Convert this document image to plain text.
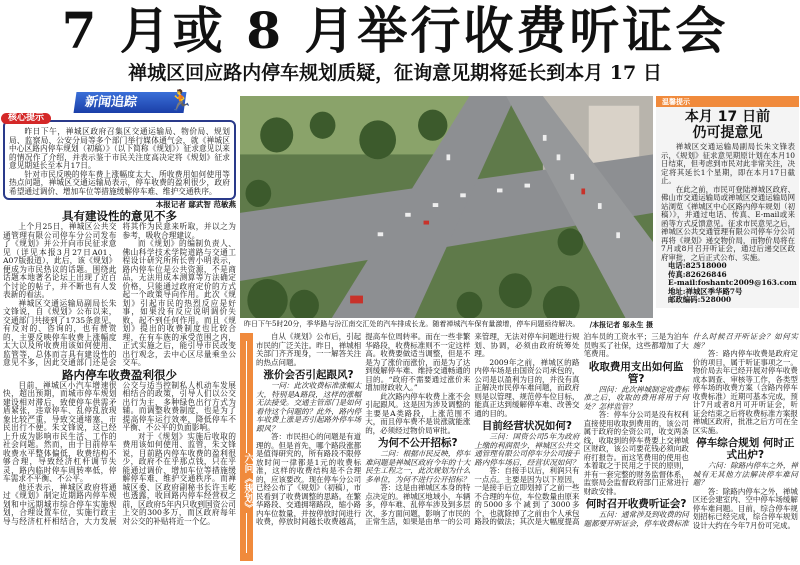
7 月或 8 月举行收费听证会
禅城区回应路内停车规划质疑，征询意见期将延长到本月 17 日
新闻追踪	🏃

昨日下午，禅城区政府召集区交通运输局、物价局、规划局、监察局、公安分局等多个部门举行媒体通气会，就《禅城区中心区路内停车规划（初稿）》（以下简称《规划》）征求意见以来的情况作了介绍，并表示鉴于市民关注度高决定将《规划》征求意见期延长至本月17日。

针对市民反映的停车费上涨幅度太大、所收费用如何使用等热点问题，禅城区交通运输局表示，停车收费的盈利很少，政府希望通过调价、增加车位等措施缓解停车难、维护交通秩序。

核心提示
本报记者 鄢武智 范敏燕
具有建设性的意见不多

上个月25日，禅城区公共交通管理有限公司停车分公司发布了《规划》并公开向市民征求意见（详见本报3月27日A01、A07版报道），此后，该《规划》便成为市民热议的话题。围绕此话题本地著名论坛上出现了近百个讨论的帖子，并不断也有人发表新的看法。

禅城区交通运输局副局长朱文锋说，自《规划》公布以来，交通部门共接到了1735条意见，有反对的、咨询的，也有赞赏的，主要反映停车收费上涨幅度太大以及所收费用该如何使用、监管等，总体而言具有建设性的意见不多，因此交通部门还是会将其作为民意来听取，并以之为参考，吸收合理建议。

而《规划》的编制负责人、佛山科学技术学院道路与交通工程设计研究所所长曾小明表示，路内停车位是公共资源，不是商品，无法用成本测算等方法确定价格，只能通过政府定价的方式起一个政策导向作用。此次《规划》引起市民的热烈反应是好事，如果没有反应说明调价失败，起不到任何作用。而且《规划》提出的收费制度也比较合理，在有车族的承受范围之内，正式实施之后，能引导市民改变出行观念，去中心区尽量乘坐公交车。

路内停车收费盈利很少

目前，禅城区小汽车增速很快，超出预期，而城市停车规划建设相对滞后，致使停车供需矛盾紧张，违章停车、乱停乱放现象比较严重，导致交通堵塞，市民出行不便。朱文锋说，这已经上升成为影响市民生活、工作的社会问题。然而，由于目前停车收费水平整体偏低，收费结构不够合理，导致经济杠杆调节失灵，路内临时停车周转率低，停车需求不平衡、不公平。

他还表示，禅城区政府将通过《规划》制定近期路内停车规划和中远期城市综合停车实施规划，合理设置车位，实施行政主导与经济杠杆相结合，大力发展公交与适当控制私人机动车发展相结合的政策，引导人们以公交出行为主，多种绿色出行方式为辅。而调整收费制度，也是为了提高停车运行效率，降低停车不平衡、不公平的负面影响。

对于《规划》实施后收取的费用该如何使用、监管，朱文锋说，目前路内停车收费的盈利很少，政府不在乎那点钱，只在乎能通过调价、增加车位等措施缓解停车难、维护交通秩序。而禅城区委、区政府副秘书长许玉屹也透露，收回路内停车经营权之前，区政府5年内只收到国资公司上交的300多万，而区政府每年对公交的补贴将近一个亿。

昨日下午5时20分，季华路与汾江南交汇处的汽车排成长龙。随着禅城汽车保有量激增，停车问题亟待解决。	/本报记者 邬永生 摄
温馨提示
本月 17 日前
仍可提意见

禅城区交通运输局副局长朱文锋表示，《规划》征求意见期原计划在本月10日结束，但考虑到市民对此非常关注，决定将其延长1个星期，即在本月17日截止。

在此之前，市民可登陆禅城区政府、佛山市交通运输局或禅城区交通运输局网站浏览《禅城区中心区路内停车规划（初稿）》，并通过电话、传真、E-mail或来函等方式反馈意见。征求市民意见之后，禅城区公共交通管理有限公司停车分公司再将《规划》递交物价局，而物价局将在7月或8月召开听证会，通过后递交区政府审批，之后正式公布、实施。

电话:82518000
传真:82626846
E-mail:foshantc2009@163.com
地址:禅城区季华路7号
邮政编码:528000
六问《规划》

自从《规划》公布后，引起市民的广泛关注。昨日，禅城相关部门齐齐现身，一一解答关注的热点问题。

涨价会否引起跟风?

一问：此次收费标准涨幅太大，特别是A路段，这样的涨幅无法接受。交通主管部门是如何看待这个问题的？此外，路内停车收费上涨是否引起路外停车场跟风？

答：市民担心的问题是有道理的。但是首先，哪个路段涨都是值得研究的，所有路段不限停放时间一律都是1元的收费标准，这样的收费结构是不合理的，应该要改。现在停车分公司已经公布了《规划》（初稿），市民看到了收费调整的思路。在繁华路段、交通拥堵路段，缩小路内车位数量，并按停放时间进行收费，停放时间越长收费越高，提高车位周转率。而在一些非繁华路段，收费标准则不一定这样高。收费要做适当调整，但是不是为了涨价而涨价，而是为了达到缓解停车难、维持交通畅通的目的。“政府不需要通过涨价来增加财政收入。”

此次路内停车收费上涨不会引起跟风。这是因为涉及调整的主要是A类路段，上涨范围不大，而且停车费不是说涨就能涨的，必须经过物价局审批。

为何不公开招标?

二问：根据市民反映，停车难问题是禅城区政府今年的十大民生工程之一，此次规划为什么多单位，为何不进行公开招标？

答：这是由禅城区本身的特点决定的。禅城区地域小，车辆多，停车难、乱停车涉及到多层次、多方面问题，影响了市民的正常生活，如果是由单一的公司来管理，无法对停车问题进行规划、协调，必须由政府统筹处理。

2009年之前，禅城区的路内停车场是由国资公司承包的，公司是以盈利为目的，并没有真正解决市民停车难问题，而政府则是以管理、规范停车位目标，能真正达到缓解停车难、改善交通的目的。

目前经营状况如何?

三问：国资公司5年为政府上缴的利润很少，禅城区公共交通管理有限公司停车分公司接手路内停车场后，经营状况如何？

答：自接手以后，利润只有一点点。主要是因为以下原因，一是接手后立即划掉了之前一些不合理的车位，车位数量由原来的5000多个减到了3000多个，也就除掉了之前由个人承包路段的做法；其次是大幅度提高泊车员的工资水平；三是为泊车员购买了社保，这些都增加了大笔费用。

收取费用支出如何监管?

四问：此次禅城制定收费标准之后，收取的费用将用于何处？怎样监管？

答：停车分公司是没有权利直接使用收取到费用的，该公司属于政府的全资公司，收支两条线，收取到的停车费要上交禅城区财政，该公司要花钱必须向政府打报告。而这笔费用的使用也本着取之于民用之于民的原则，并有一套完整的财务监督体系，监察局会监督政府部门正常进行财政安排。

何时召开收费听证会?

五问：通常涉及到收费的问题都要开听证会，停车收费标准什么时候召开听证会？如何实施？

答：路内停车收费是政府定价的项目，属于听证事项之一。物价局去年已经开展对停车收费成本调查、审核等工作，各类型停车场的收费方案（含路内停车收费标准）近期可基本完成，预计7月或者8月可开听证会，听证会结束之后将收费标准方案报禅城区政府，批准之后方可在全区实施。

停车综合规划 何时正式出炉?

六问：除路内停车之外，禅城有无其他方法解决停车难问题？

答：除路内停车之外，禅城区还会建室内、空中停车场缓解停车难问题。目前，综合停车规划招标已经完成，综合停车规划设计大约在今年7月份可完成。
